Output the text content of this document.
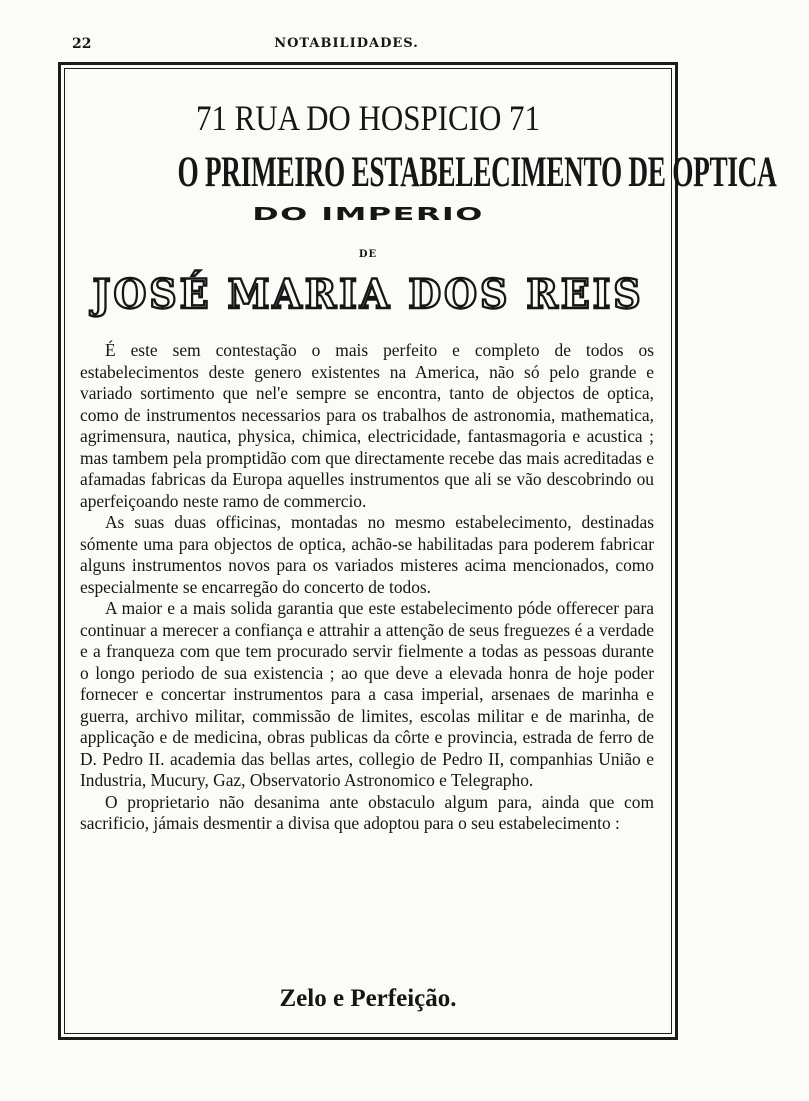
22	NOTABILIDADES.
71 RUA DO HOSPICIO 71
O PRIMEIRO ESTABELECIMENTO DE OPTICA
DO IMPERIO
DE
JOSÉ MARIA DOS REIS

É este sem contestação o mais perfeito e completo de todos os estabelecimentos deste genero existentes na America, não só pelo grande e variado sortimento que nel'e sempre se encontra, tanto de objectos de optica, como de instrumentos necessarios para os trabalhos de astronomia, mathematica, agrimensura, nautica, physica, chimica, electricidade, fantasmagoria e acustica ; mas tambem pela promptidão com que directamente recebe das mais acreditadas e afamadas fabricas da Europa aquelles instrumentos que ali se vão descobrindo ou aperfeiçoando neste ramo de commercio.

As suas duas officinas, montadas no mesmo estabelecimento, destinadas sómente uma para objectos de optica, achão-se habilitadas para poderem fabricar alguns instrumentos novos para os variados misteres acima mencionados, como especialmente se encarregão do concerto de todos.

A maior e a mais solida garantia que este estabelecimento póde offerecer para continuar a merecer a confiança e attrahir a attenção de seus freguezes é a verdade e a franqueza com que tem procurado servir fielmente a todas as pessoas durante o longo periodo de sua existencia ; ao que deve a elevada honra de hoje poder fornecer e concertar instrumentos para a casa imperial, arsenaes de marinha e guerra, archivo militar, commissão de limites, escolas militar e de marinha, de applicação e de medicina, obras publicas da côrte e provincia, estrada de ferro de D. Pedro II. academia das bellas artes, collegio de Pedro II, companhias União e Industria, Mucury, Gaz, Observatorio Astronomico e Telegrapho.

O proprietario não desanima ante obstaculo algum para, ainda que com sacrificio, jámais desmentir a divisa que adoptou para o seu estabelecimento :

Zelo e Perfeição.
